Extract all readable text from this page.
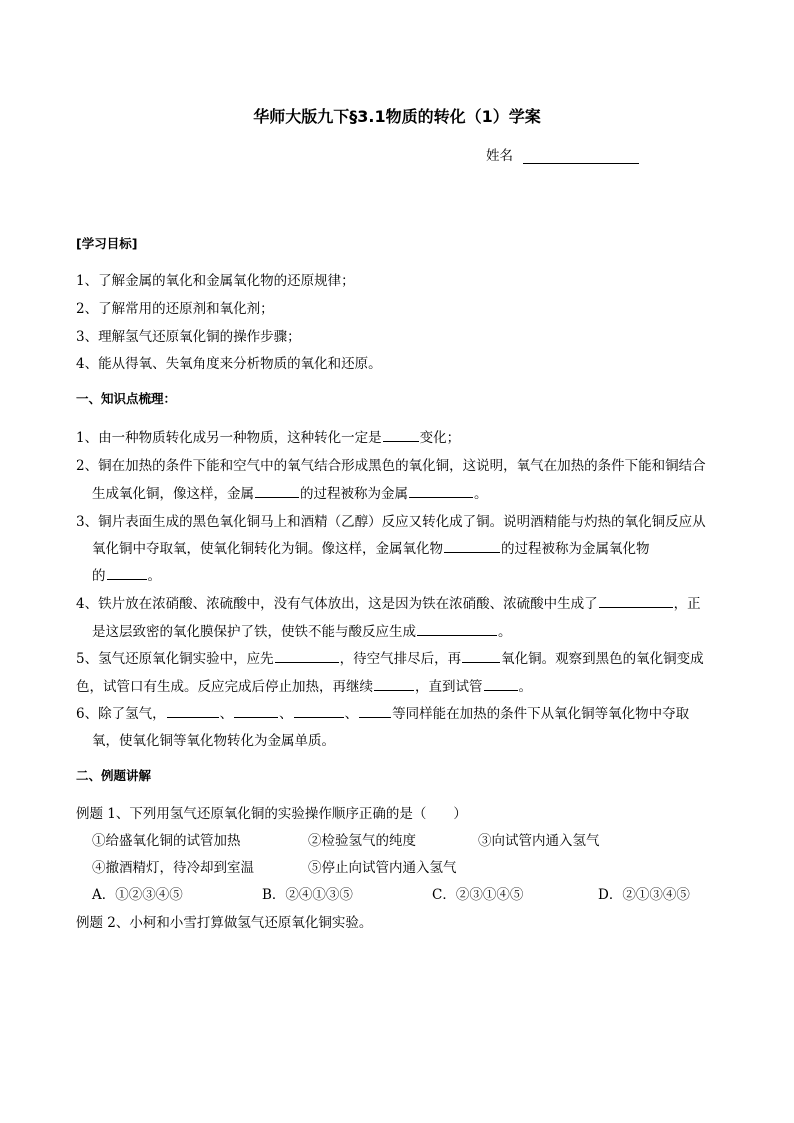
华师大版九下§3.1物质的转化（1）学案
姓名
[学习目标]
1、了解金属的氧化和金属氧化物的还原规律；
2、了解常用的还原剂和氧化剂；
3、理解氢气还原氧化铜的操作步骤；
4、能从得氧、失氧角度来分析物质的氧化和还原。
一、知识点梳理：
1、由一种物质转化成另一种物质，这种转化一定是	变化；
2、铜在加热的条件下能和空气中的氧气结合形成黑色的氧化铜，这说明，氧气在加热的条件下能和铜结合
生成氧化铜，像这样，金属	的过程被称为金属	。
3、铜片表面生成的黑色氧化铜马上和酒精（乙醇）反应又转化成了铜。说明酒精能与灼热的氧化铜反应从
氧化铜中夺取氧，使氧化铜转化为铜。像这样，金属氧化物	的过程被称为金属氧化物
的	。
4、铁片放在浓硝酸、浓硫酸中，没有气体放出，这是因为铁在浓硝酸、浓硫酸中生成了	，正
是这层致密的氧化膜保护了铁，使铁不能与酸反应生成	。
5、氢气还原氧化铜实验中，应先	，待空气排尽后，再	氧化铜。观察到黑色的氧化铜变成
色，试管口有生成。反应完成后停止加热，再继续	，直到试管	。
6、除了氢气，	、	、	、	等同样能在加热的条件下从氧化铜等氧化物中夺取
氧，使氧化铜等氧化物转化为金属单质。
二、例题讲解
例题 1、下列用氢气还原氧化铜的实验操作顺序正确的是（　　）
①给盛氧化铜的试管加热	②检验氢气的纯度	③向试管内通入氢气
④撤酒精灯，待冷却到室温	⑤停止向试管内通入氢气
A．①②③④⑤	B．②④①③⑤	C．②③①④⑤	D．②①③④⑤
例题 2、小柯和小雪打算做氢气还原氧化铜实验。
